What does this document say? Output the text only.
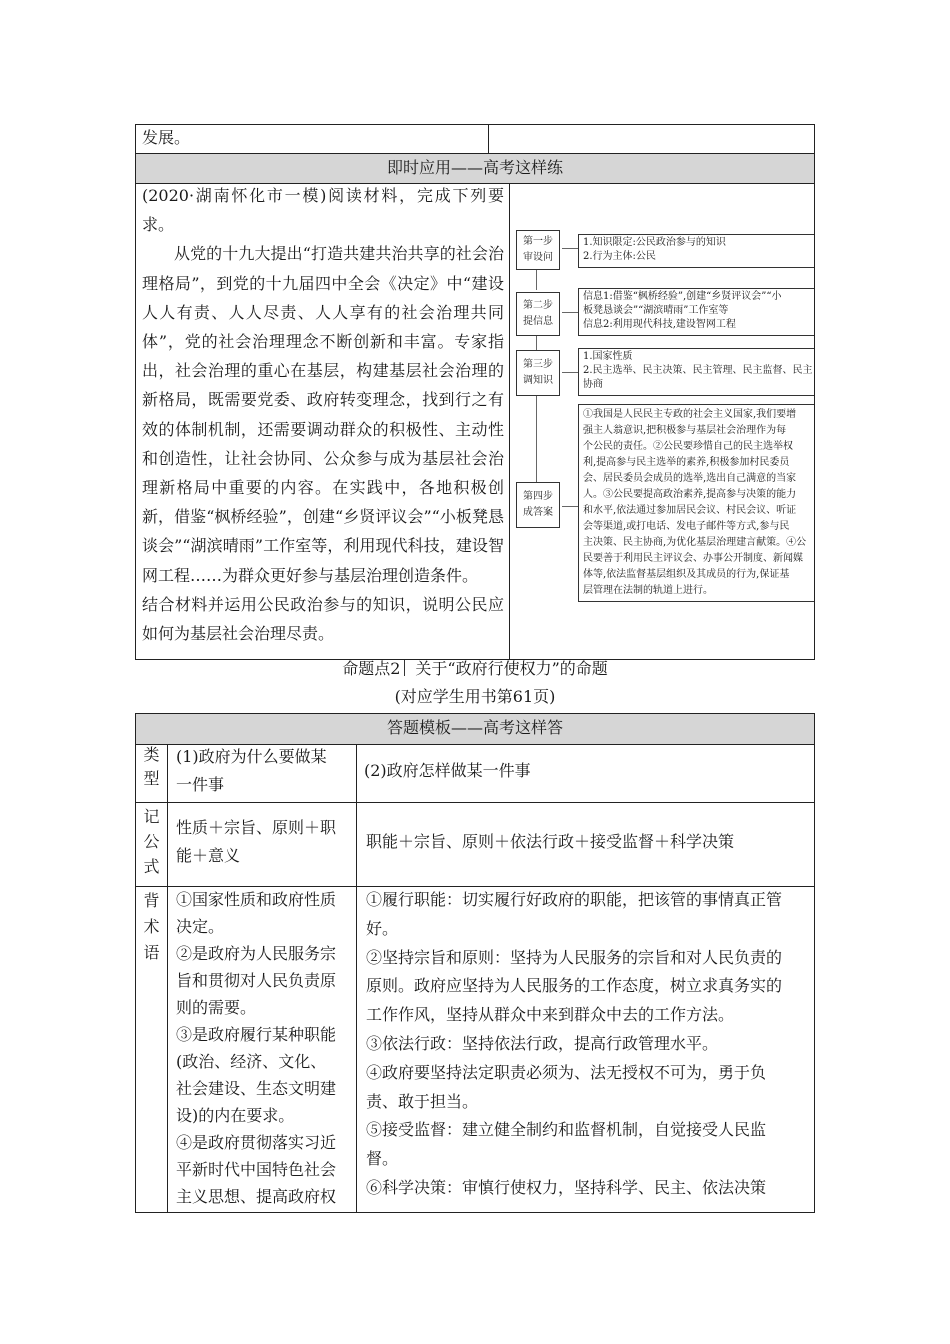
发展。
即时应用——高考这样练
(2020·湖南怀化市一模)阅读材料，完成下列要求。
从党的十九大提出“打造共建共治共享的社会治理格局”，到党的十九届四中全会《决定》中“建设人人有责、人人尽责、人人享有的社会治理共同体”，党的社会治理理念不断创新和丰富。专家指出，社会治理的重心在基层，构建基层社会治理的新格局，既需要党委、政府转变理念，找到行之有效的体制机制，还需要调动群众的积极性、主动性和创造性，让社会协同、公众参与成为基层社会治理新格局中重要的内容。在实践中，各地积极创新，借鉴“枫桥经验”，创建“乡贤评议会”“小板凳恳谈会”“湖滨晴雨”工作室等，利用现代科技，建设智网工程……为群众更好参与基层治理创造条件。
结合材料并运用公民政治参与的知识，说明公民应如何为基层社会治理尽责。
第一步
审设问
1.知识限定:公民政治参与的知识
2.行为主体:公民
第二步
提信息
信息1:借鉴“枫桥经验”,创建“乡贤评议会”“小
板凳恳谈会”“湖滨晴雨”工作室等
信息2:利用现代科技,建设智网工程
第三步
调知识
1.国家性质
2.民主选举、民主决策、民主管理、民主监督、民主
协商
第四步
成答案
①我国是人民民主专政的社会主义国家,我们要增
强主人翁意识,把积极参与基层社会治理作为每
个公民的责任。②公民要珍惜自己的民主选举权
利,提高参与民主选举的素养,积极参加村民委员
会、居民委员会成员的选举,选出自己满意的当家
人。③公民要提高政治素养,提高参与决策的能力
和水平,依法通过参加居民会议、村民会议、听证
会等渠道,或打电话、发电子邮件等方式,参与民
主决策、民主协商,为优化基层治理建言献策。④公
民要善于利用民主评议会、办事公开制度、新闻媒
体等,依法监督基层组织及其成员的行为,保证基
层管理在法制的轨道上进行。
命题点2 关于“政府行使权力”的命题
(对应学生用书第61页)
答题模板——高考这样答
类
型
(1)政府为什么要做某
一件事
(2)政府怎样做某一件事
记
公
式
性质＋宗旨、原则＋职
能＋意义
职能＋宗旨、原则＋依法行政＋接受监督＋科学决策
背
术
语
①国家性质和政府性质
决定。
②是政府为人民服务宗
旨和贯彻对人民负责原
则的需要。
③是政府履行某种职能
(政治、经济、文化、
社会建设、生态文明建
设)的内在要求。
④是政府贯彻落实习近
平新时代中国特色社会
主义思想、提高政府权
①履行职能：切实履行好政府的职能，把该管的事情真正管
好。
②坚持宗旨和原则：坚持为人民服务的宗旨和对人民负责的
原则。政府应坚持为人民服务的工作态度，树立求真务实的
工作作风，坚持从群众中来到群众中去的工作方法。
③依法行政：坚持依法行政，提高行政管理水平。
④政府要坚持法定职责必须为、法无授权不可为，勇于负
责、敢于担当。
⑤接受监督：建立健全制约和监督机制，自觉接受人民监
督。
⑥科学决策：审慎行使权力，坚持科学、民主、依法决策
